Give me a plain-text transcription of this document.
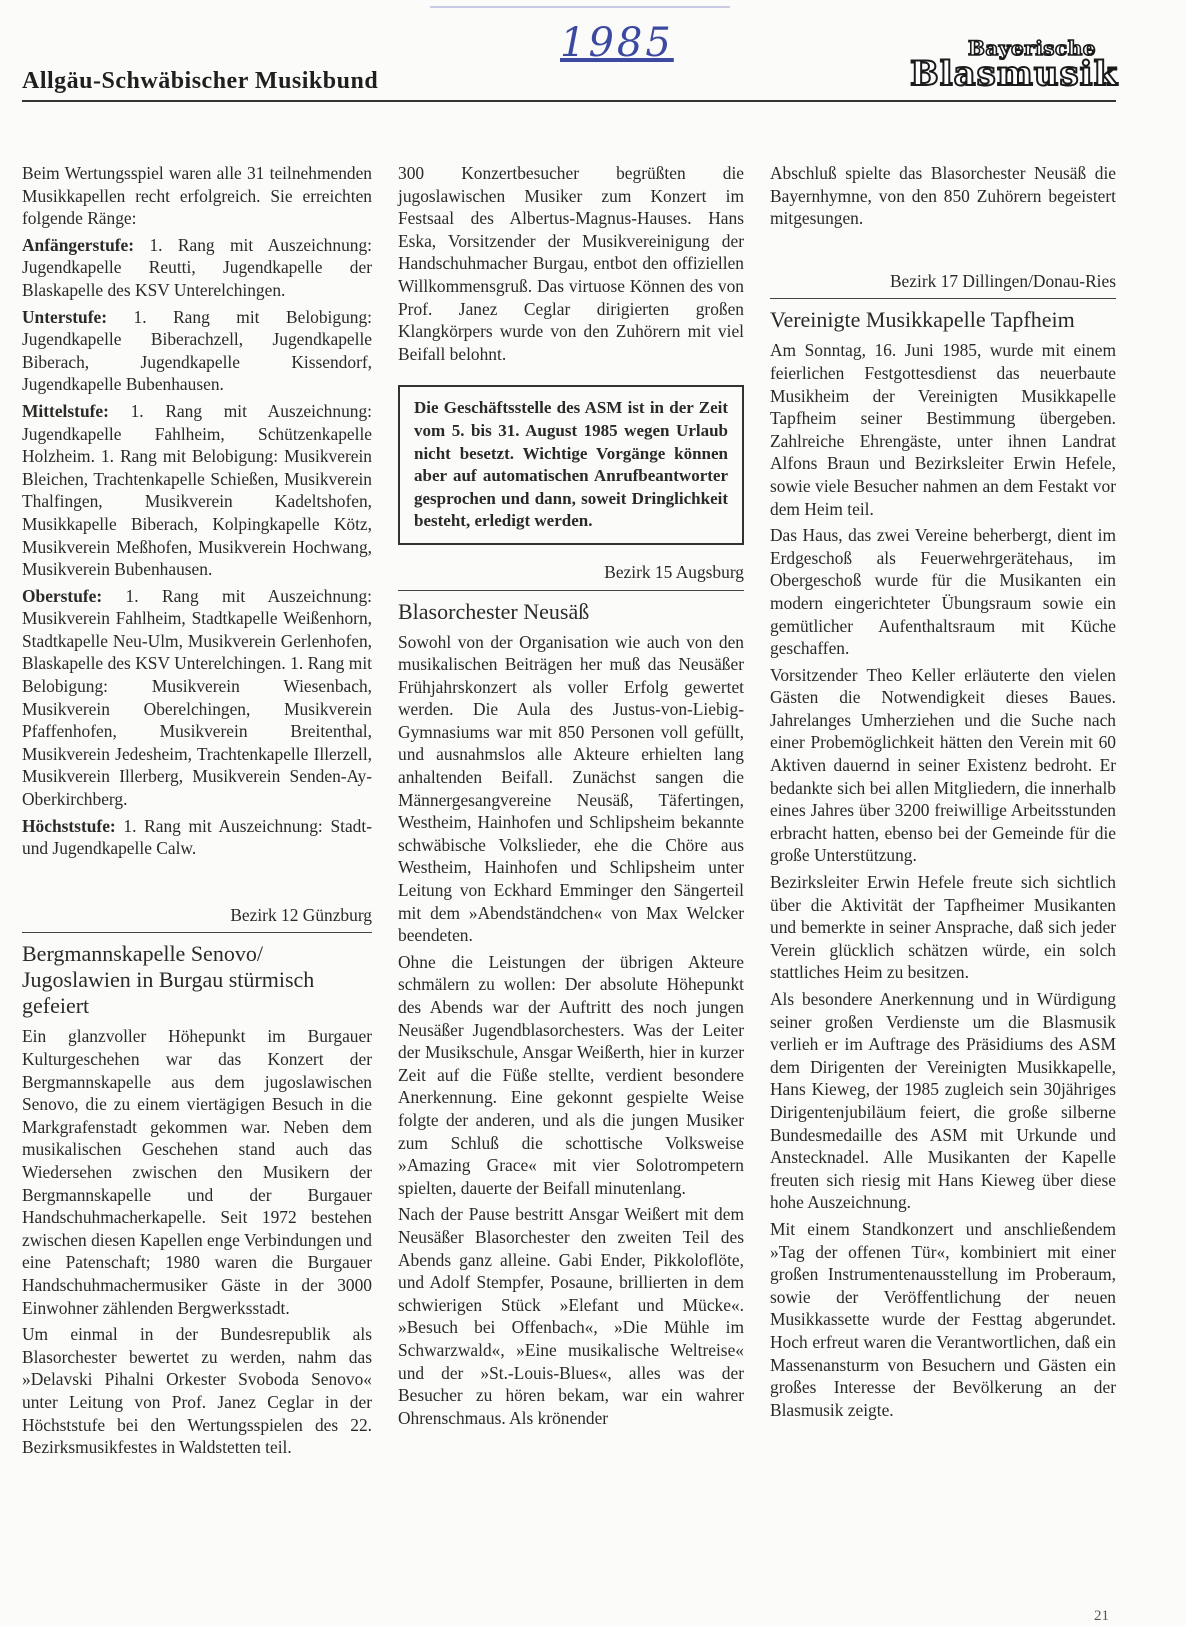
1985
Allgäu-Schwäbischer Musikbund
Bayerische
Blasmusik

Beim Wertungsspiel waren alle 31 teilnehmenden Musikkapellen recht erfolgreich. Sie erreichten folgende Ränge:

Anfängerstufe: 1. Rang mit Auszeichnung: Jugendkapelle Reutti, Jugendkapelle der Blaskapelle des KSV Unterelchingen.

Unterstufe: 1. Rang mit Belobigung: Jugendkapelle Biberachzell, Jugendkapelle Biberach, Jugendkapelle Kissendorf, Jugendkapelle Bubenhausen.

Mittelstufe: 1. Rang mit Auszeichnung: Jugendkapelle Fahlheim, Schützenkapelle Holzheim. 1. Rang mit Belobigung: Musikverein Bleichen, Trachtenkapelle Schießen, Musikverein Thalfingen, Musikverein Kadeltshofen, Musikkapelle Biberach, Kolpingkapelle Kötz, Musikverein Meßhofen, Musikverein Hochwang, Musikverein Bubenhausen.

Oberstufe: 1. Rang mit Auszeichnung: Musikverein Fahlheim, Stadtkapelle Weißenhorn, Stadtkapelle Neu-Ulm, Musikverein Gerlenhofen, Blaskapelle des KSV Unterelchingen. 1. Rang mit Belobigung: Musikverein Wiesenbach, Musikverein Oberelchingen, Musikverein Pfaffenhofen, Musikverein Breitenthal, Musikverein Jedesheim, Trachtenkapelle Illerzell, Musikverein Illerberg, Musikverein Senden-Ay-Oberkirchberg.

Höchststufe: 1. Rang mit Auszeichnung: Stadt- und Jugendkapelle Calw.

Bezirk 12 Günzburg
Bergmannskapelle Senovo/ Jugoslawien in Burgau stürmisch gefeiert

Ein glanzvoller Höhepunkt im Burgauer Kulturgeschehen war das Konzert der Bergmannskapelle aus dem jugoslawischen Senovo, die zu einem viertägigen Besuch in die Markgrafenstadt gekommen war. Neben dem musikalischen Geschehen stand auch das Wiedersehen zwischen den Musikern der Bergmannskapelle und der Burgauer Handschuhmacherkapelle. Seit 1972 bestehen zwischen diesen Kapellen enge Verbindungen und eine Patenschaft; 1980 waren die Burgauer Handschuhmachermusiker Gäste in der 3000 Einwohner zählenden Bergwerksstadt.

Um einmal in der Bundesrepublik als Blasorchester bewertet zu werden, nahm das »Delavski Pihalni Orkester Svoboda Senovo« unter Leitung von Prof. Janez Ceglar in der Höchststufe bei den Wertungsspielen des 22. Bezirksmusikfestes in Waldstetten teil.

300 Konzertbesucher begrüßten die jugoslawischen Musiker zum Konzert im Festsaal des Albertus-Magnus-Hauses. Hans Eska, Vorsitzender der Musikvereinigung der Handschuhmacher Burgau, entbot den offiziellen Willkommensgruß. Das virtuose Können des von Prof. Janez Ceglar dirigierten großen Klangkörpers wurde von den Zuhörern mit viel Beifall belohnt.

Die Geschäftsstelle des ASM ist in der Zeit vom 5. bis 31. August 1985 wegen Urlaub nicht besetzt. Wichtige Vorgänge können aber auf automatischen Anrufbeantworter gesprochen und dann, soweit Dringlichkeit besteht, erledigt werden.
Bezirk 15 Augsburg
Blasorchester Neusäß

Sowohl von der Organisation wie auch von den musikalischen Beiträgen her muß das Neusäßer Frühjahrskonzert als voller Erfolg gewertet werden. Die Aula des Justus-von-Liebig-Gymnasiums war mit 850 Personen voll gefüllt, und ausnahmslos alle Akteure erhielten lang anhaltenden Beifall. Zunächst sangen die Männergesangvereine Neusäß, Täfertingen, Westheim, Hainhofen und Schlipsheim bekannte schwäbische Volkslieder, ehe die Chöre aus Westheim, Hainhofen und Schlipsheim unter Leitung von Eckhard Emminger den Sängerteil mit dem »Abendständchen« von Max Welcker beendeten.

Ohne die Leistungen der übrigen Akteure schmälern zu wollen: Der absolute Höhepunkt des Abends war der Auftritt des noch jungen Neusäßer Jugendblasorchesters. Was der Leiter der Musikschule, Ansgar Weißerth, hier in kurzer Zeit auf die Füße stellte, verdient besondere Anerkennung. Eine gekonnt gespielte Weise folgte der anderen, und als die jungen Musiker zum Schluß die schottische Volksweise »Amazing Grace« mit vier Solotrompetern spielten, dauerte der Beifall minutenlang.

Nach der Pause bestritt Ansgar Weißert mit dem Neusäßer Blasorchester den zweiten Teil des Abends ganz alleine. Gabi Ender, Pikkoloflöte, und Adolf Stempfer, Posaune, brillierten in dem schwierigen Stück »Elefant und Mücke«. »Besuch bei Offenbach«, »Die Mühle im Schwarzwald«, »Eine musikalische Weltreise« und der »St.-Louis-Blues«, alles was der Besucher zu hören bekam, war ein wahrer Ohrenschmaus. Als krönender

Abschluß spielte das Blasorchester Neusäß die Bayernhymne, von den 850 Zuhörern begeistert mitgesungen.

Bezirk 17 Dillingen/Donau-Ries
Vereinigte Musikkapelle Tapfheim

Am Sonntag, 16. Juni 1985, wurde mit einem feierlichen Festgottesdienst das neuerbaute Musikheim der Vereinigten Musikkapelle Tapfheim seiner Bestimmung übergeben. Zahlreiche Ehrengäste, unter ihnen Landrat Alfons Braun und Bezirksleiter Erwin Hefele, sowie viele Besucher nahmen an dem Festakt vor dem Heim teil.

Das Haus, das zwei Vereine beherbergt, dient im Erdgeschoß als Feuerwehrgerätehaus, im Obergeschoß wurde für die Musikanten ein modern eingerichteter Übungsraum sowie ein gemütlicher Aufenthaltsraum mit Küche geschaffen.

Vorsitzender Theo Keller erläuterte den vielen Gästen die Notwendigkeit dieses Baues. Jahrelanges Umherziehen und die Suche nach einer Probemöglichkeit hätten den Verein mit 60 Aktiven dauernd in seiner Existenz bedroht. Er bedankte sich bei allen Mitgliedern, die innerhalb eines Jahres über 3200 freiwillige Arbeitsstunden erbracht hatten, ebenso bei der Gemeinde für die große Unterstützung.

Bezirksleiter Erwin Hefele freute sich sichtlich über die Aktivität der Tapfheimer Musikanten und bemerkte in seiner Ansprache, daß sich jeder Verein glücklich schätzen würde, ein solch stattliches Heim zu besitzen.

Als besondere Anerkennung und in Würdigung seiner großen Verdienste um die Blasmusik verlieh er im Auftrage des Präsidiums des ASM dem Dirigenten der Vereinigten Musikkapelle, Hans Kieweg, der 1985 zugleich sein 30jähriges Dirigentenjubiläum feiert, die große silberne Bundesmedaille des ASM mit Urkunde und Anstecknadel. Alle Musikanten der Kapelle freuten sich riesig mit Hans Kieweg über diese hohe Auszeichnung.

Mit einem Standkonzert und anschließendem »Tag der offenen Tür«, kombiniert mit einer großen Instrumentenausstellung im Proberaum, sowie der Veröffentlichung der neuen Musikkassette wurde der Festtag abgerundet. Hoch erfreut waren die Verantwortlichen, daß ein Massenansturm von Besuchern und Gästen ein großes Interesse der Bevölkerung an der Blasmusik zeigte.

21
